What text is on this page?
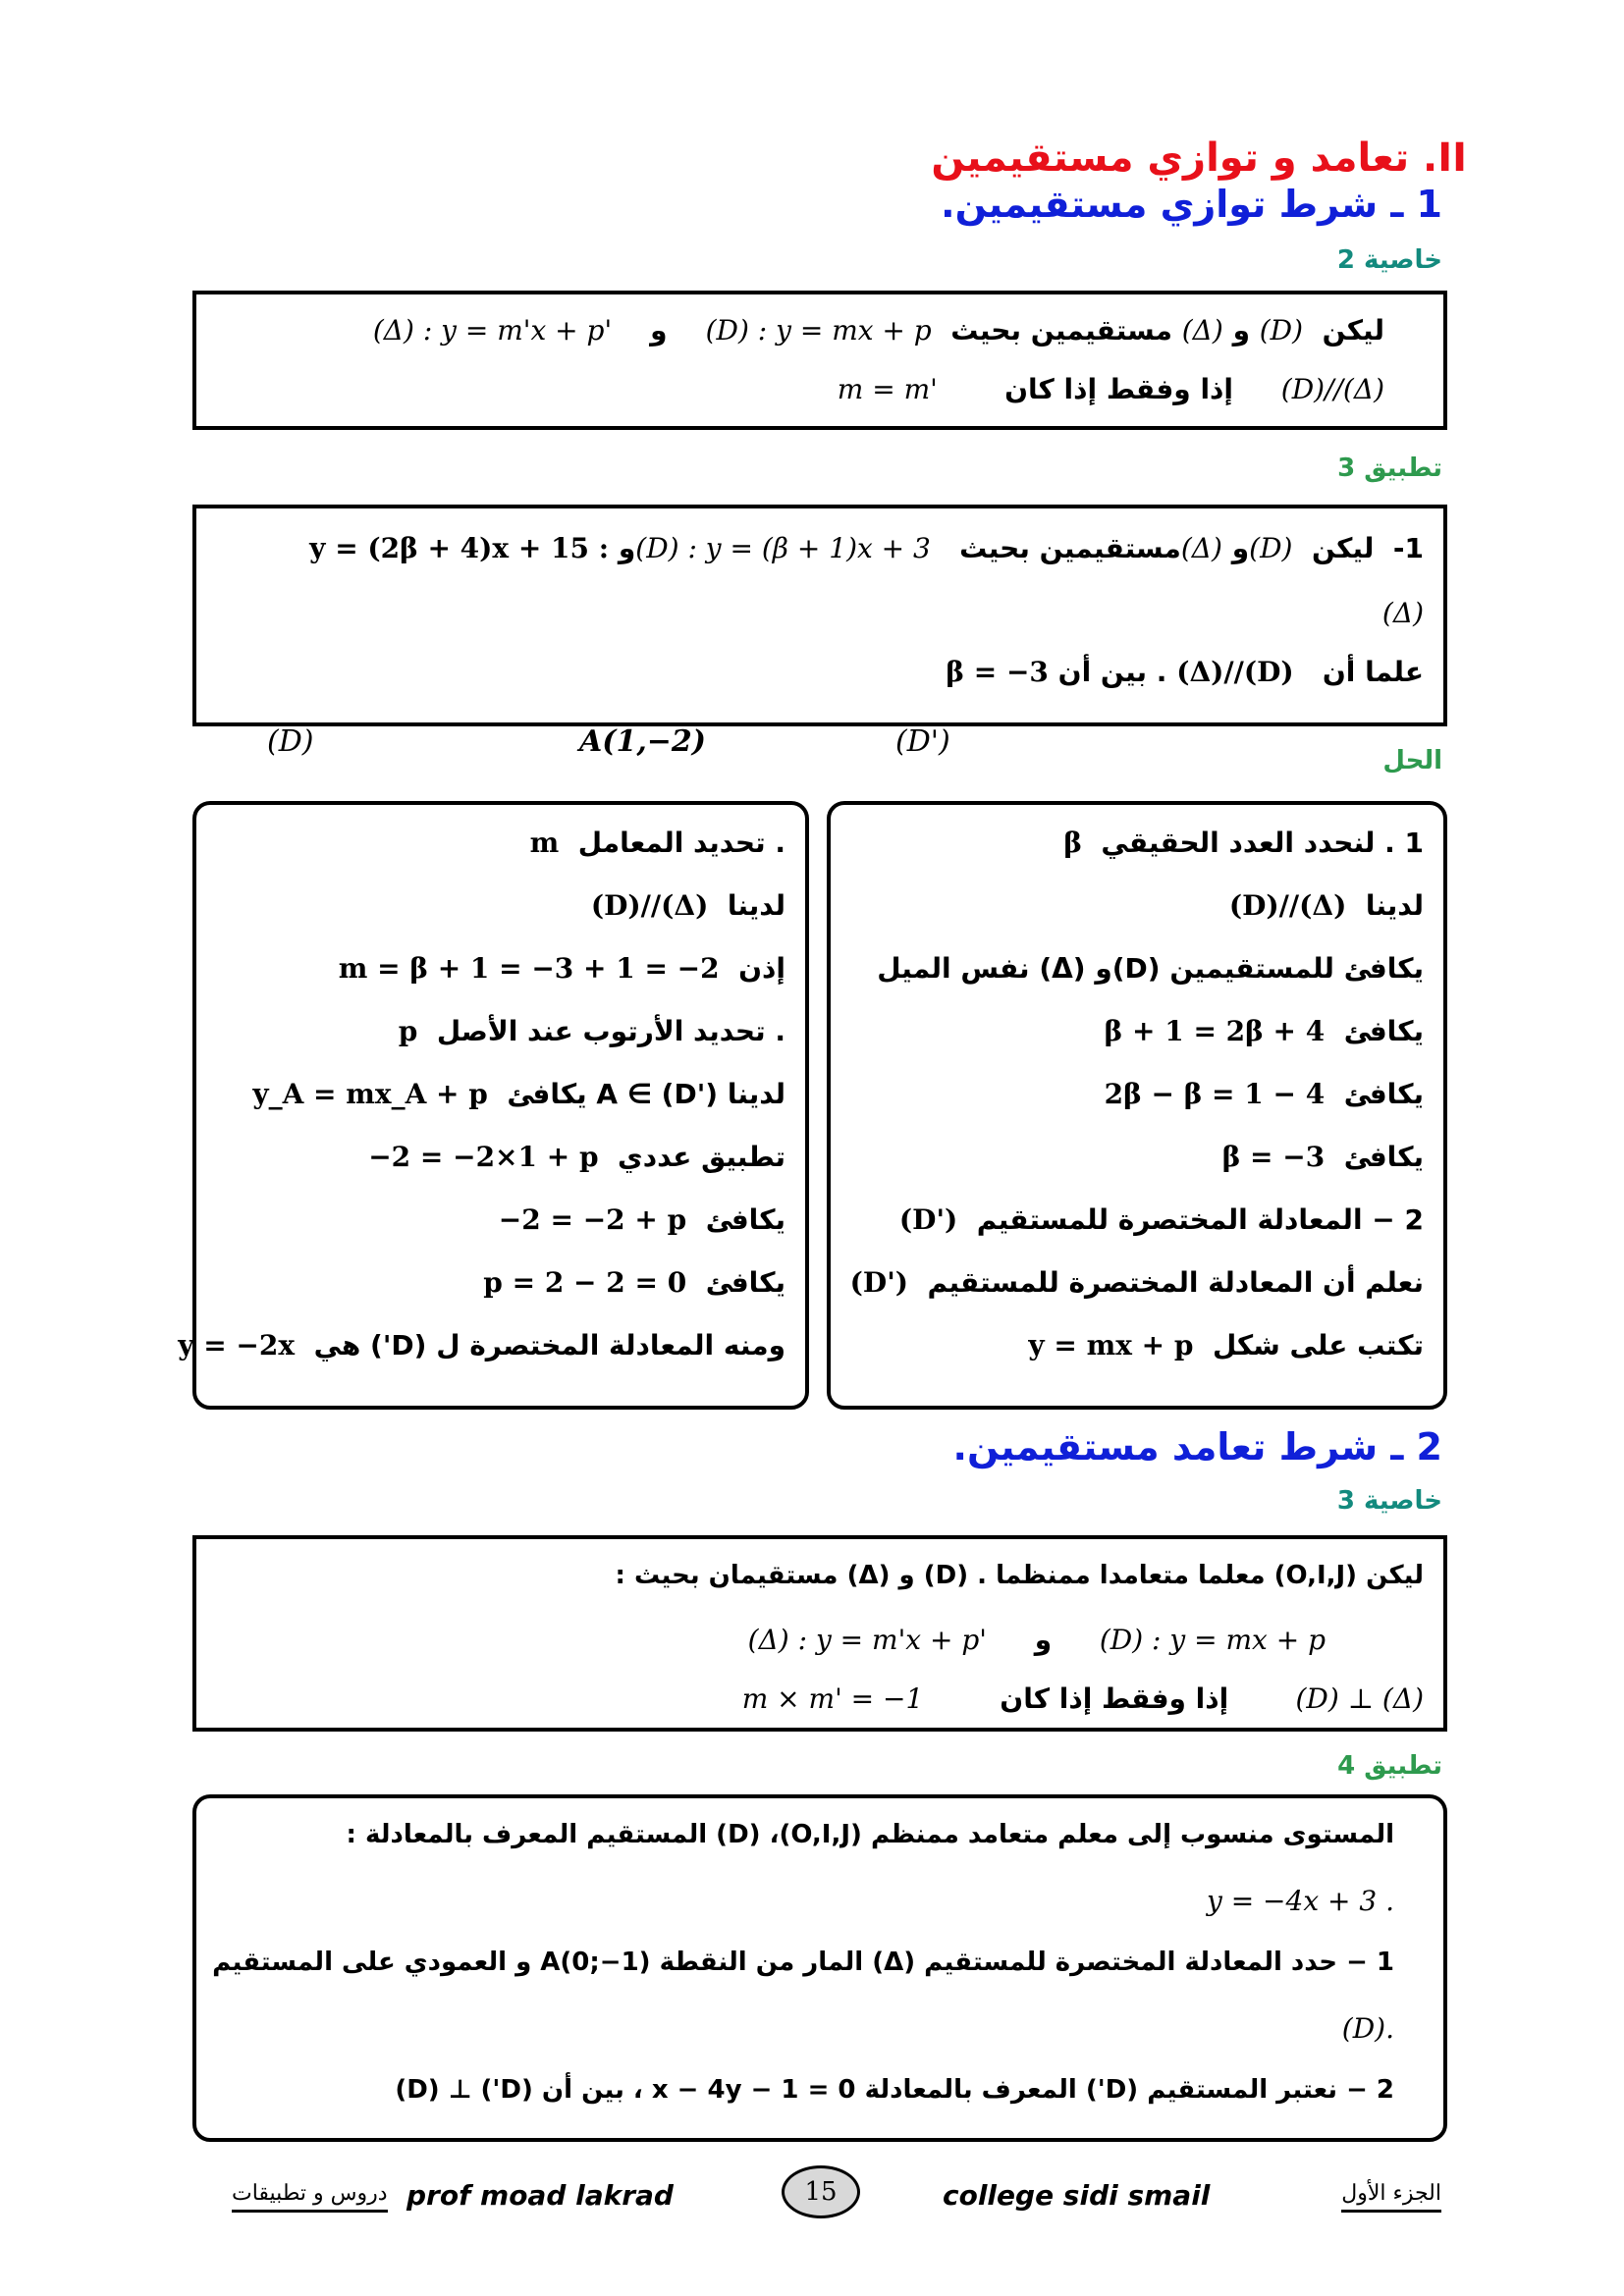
II. تعامد و توازي مستقيمين
1 ـ شرط توازي مستقيمين.
خاصية 2
ليكن  (D) و (Δ) مستقيمين بحيث  (D) : y = mx + p    و    (Δ) : y = m'x + p'
(D)//(Δ)     إذا وفقط إذا كان       m = m'
تطبيق 3
1-  ليكن  (D)و (Δ)مستقيمين بحيث   (D) : y = (β + 1)x + 3و y = (2β + 4)x + 15 :
(Δ)
علما أن   (Δ)//(D) . بين أن β = −3
(D)	A(1,−2)	(D')
الحل
1 . لنحدد العدد الحقيقي  β
لدينا  (D)//(Δ)
يكافئ للمستقيمين (D)و (Δ) نفس الميل
يكافئ  β + 1 = 2β + 4
يكافئ  2β − β = 1 − 4
يكافئ  β = −3
2 − المعادلة المختصرة للمستقيم  (D')
نعلم أن المعادلة المختصرة للمستقيم  (D')
تكتب على شكل  y = mx + p
. تحديد المعامل  m
لدينا  (D)//(Δ)
إذن  m = β + 1 = −3 + 1 = −2
. تحديد الأرتوب عند الأصل  p
لدينا A ∈ (D') يكافئ  y_A = mx_A + p
تطبيق عددي  −2 = −2×1 + p
يكافئ  −2 = −2 + p
يكافئ  p = 2 − 2 = 0
ومنه المعادلة المختصرة ل (D') هي  y = −2x
2 ـ شرط تعامد مستقيمين.
خاصية 3
ليكن (O,I,J) معلما متعامدا ممنظما . (D) و (Δ) مستقيمان بحيث :
(D) : y = mx + p     و     (Δ) : y = m'x + p'
(D) ⊥ (Δ)       إذا وفقط إذا كان        m × m' = −1
تطبيق 4
المستوى منسوب إلى معلم متعامد ممنظم (O,I,J)، (D) المستقيم المعرف بالمعادلة :
y = −4x + 3 .
1 − حدد المعادلة المختصرة للمستقيم (Δ) المار من النقطة A(0;−1) و العمودي على المستقيم
.(D)
2 − نعتبر المستقيم (D') المعرف بالمعادلة x − 4y − 1 = 0 ، بين أن (D') ⊥ (D)
الجزء الأول
college sidi smail
15
prof moad lakrad
دروس و تطبيقات
